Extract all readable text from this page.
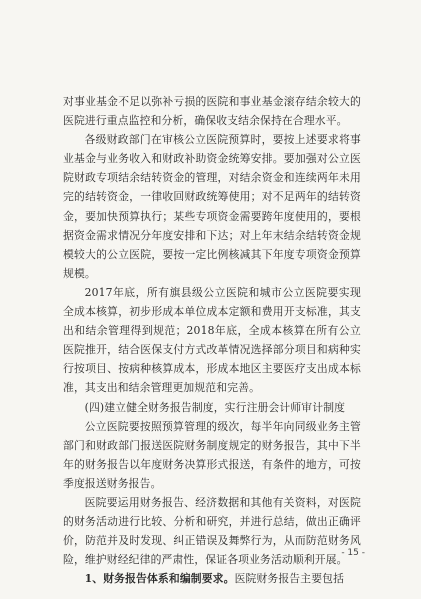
对事业基金不足以弥补亏损的医院和事业基金滚存结余较大的医院进行重点监控和分析，确保收支结余保持在合理水平。

各级财政部门在审核公立医院预算时，要按上述要求将事业基金与业务收入和财政补助资金统筹安排。要加强对公立医院财政专项结余结转资金的管理，对结余资金和连续两年未用完的结转资金，一律收回财政统筹使用；对不足两年的结转资金，要加快预算执行；某些专项资金需要跨年度使用的，要根据资金需求情况分年度安排和下达；对上年末结余结转资金规模较大的公立医院，要按一定比例核减其下年度专项资金预算规模。

2017年底，所有旗县级公立医院和城市公立医院要实现全成本核算，初步形成本单位成本定额和费用开支标准，其支出和结余管理得到规范；2018年底，全成本核算在所有公立医院推开，结合医保支付方式改革情况选择部分项目和病种实行按项目、按病种核算成本，形成本地区主要医疗支出成本标准，其支出和结余管理更加规范和完善。

(四)建立健全财务报告制度，实行注册会计师审计制度

公立医院要按照预算管理的级次，每半年向同级业务主管部门和财政部门报送医院财务制度规定的财务报告，其中下半年的财务报告以年度财务决算形式报送，有条件的地方，可按季度报送财务报告。

医院要运用财务报告、经济数据和其他有关资料，对医院的财务活动进行比较、分析和研究，并进行总结，做出正确评价，防范并及时发现、纠正错误及舞弊行为，从而防范财务风险，维护财经纪律的严肃性，保证各项业务活动顺利开展。

1、财务报告体系和编制要求。医院财务报告主要包括

- 15 -
